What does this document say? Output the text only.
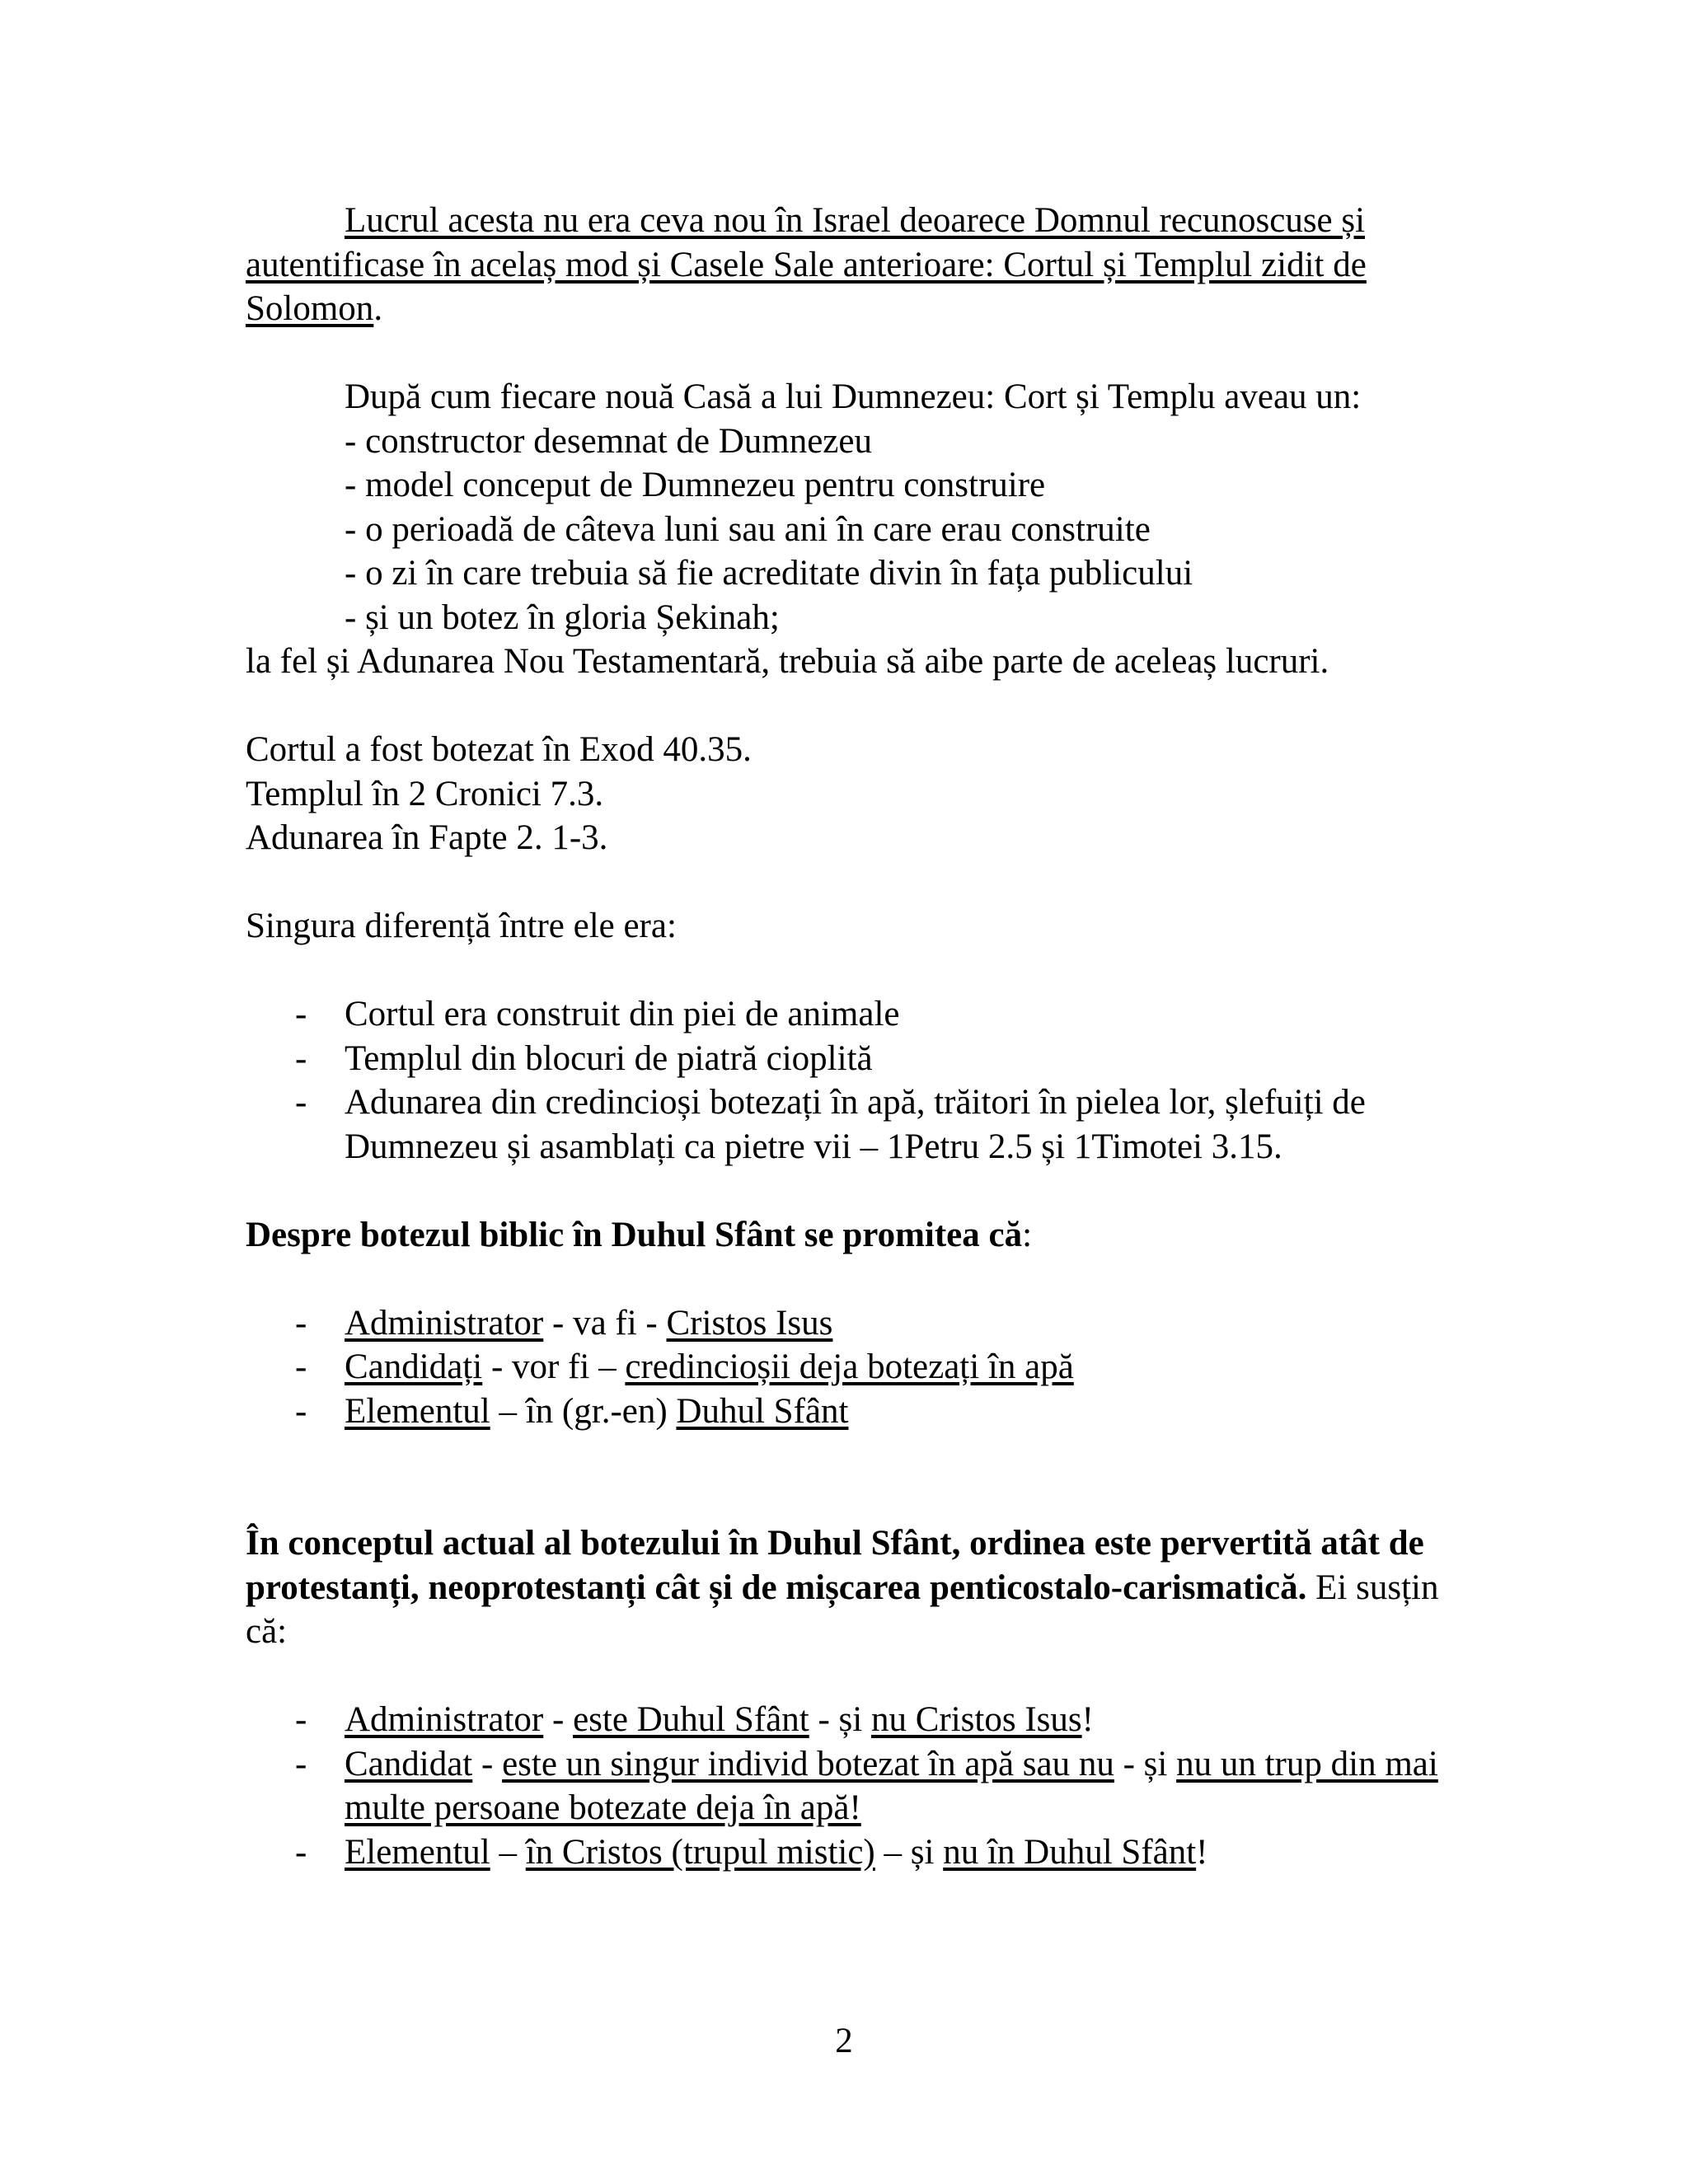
Lucrul acesta nu era ceva nou în Israel deoarece Domnul recunoscuse și autentificase în acelaș mod și Casele Sale anterioare: Cortul și Templul zidit de Solomon.

După cum fiecare nouă Casă a lui Dumnezeu: Cort și Templu aveau un:

- constructor desemnat de Dumnezeu

- model conceput de Dumnezeu pentru construire

- o perioadă de câteva luni sau ani în care erau construite

- o zi în care trebuia să fie acreditate divin în fața publicului

- și un botez în gloria Șekinah;

la fel și Adunarea Nou Testamentară, trebuia să aibe parte de aceleaș lucruri.

Cortul a fost botezat în Exod 40.35.

Templul în 2 Cronici 7.3.

Adunarea în Fapte 2. 1-3.

Singura diferență între ele era:

- Cortul era construit din piei de animale
- Templul din blocuri de piatră cioplită
- Adunarea din credincioși botezați în apă, trăitori în pielea lor, șlefuiți de Dumnezeu și asamblați ca pietre vii – 1Petru 2.5 și 1Timotei 3.15.

Despre botezul biblic în Duhul Sfânt se promitea că:

- Administrator - va fi - Cristos Isus
- Candidați - vor fi – credincioșii deja botezați în apă
- Elementul – în (gr.-en) Duhul Sfânt

În conceptul actual al botezului în Duhul Sfânt, ordinea este pervertită atât de protestanți, neoprotestanți cât și de mișcarea penticostalo-carismatică. Ei susțin că:

- Administrator - este Duhul Sfânt - și nu Cristos Isus!
- Candidat - este un singur individ botezat în apă sau nu - și nu un trup din mai multe persoane botezate deja în apă!
- Elementul – în Cristos (trupul mistic) – și nu în Duhul Sfânt!
2
